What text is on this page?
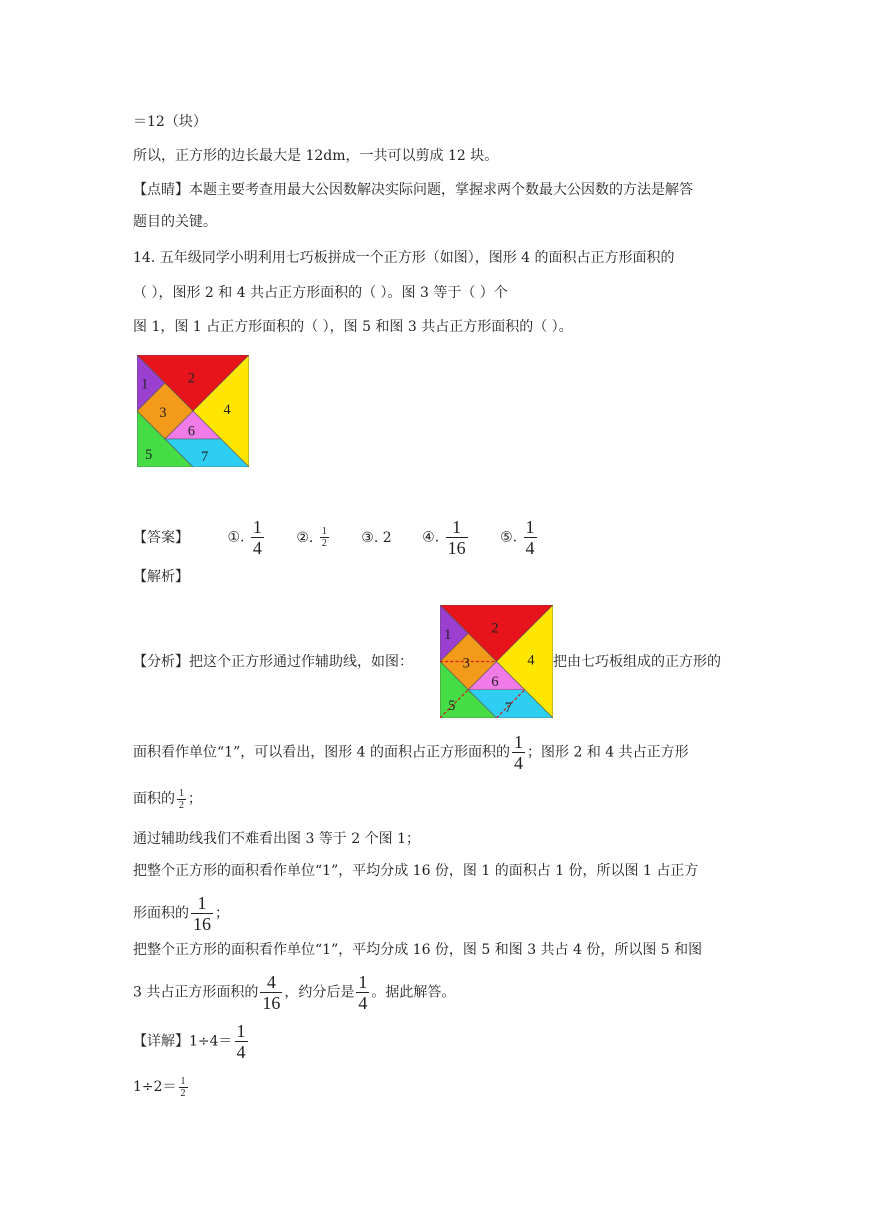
＝12（块）
所以，正方形的边长最大是 12dm，一共可以剪成 12 块。
【点睛】本题主要考查用最大公因数解决实际问题，掌握求两个数最大公因数的方法是解答
题目的关键。
14. 五年级同学小明利用七巧板拼成一个正方形（如图），图形 4 的面积占正方形面积的
（ ），图形 2 和 4 共占正方形面积的（ ）。图 3 等于（ ）个
图 1，图 1 占正方形面积的（ ），图 5 和图 3 共占正方形面积的（ ）。
1	2
3	4
5
6
7
【答案】	①. $\frac{1}{4}$ ②. $\frac{1}{2}$ ③. 2 ④. $\frac{1}{16}$ ⑤. $\frac{1}{4}$
【解析】
【分析】把这个正方形通过作辅助线，如图：
1	2
3	4
5
6
7
把由七巧板组成的正方形的
面积看作单位“1”，可以看出，图形 4 的面积占正方形面积的 $\frac{1}{4}$ ；图形 2 和 4 共占正方形
面积的 $\frac{1}{2}$ ；
通过辅助线我们不难看出图 3 等于 2 个图 1；
把整个正方形的面积看作单位“1”，平均分成 16 份，图 1 的面积占 1 份，所以图 1 占正方
形面积的 $\frac{1}{16}$ ；
把整个正方形的面积看作单位“1”，平均分成 16 份，图 5 和图 3 共占 4 份，所以图 5 和图
3 共占正方形面积的 $\frac{4}{16}$ ，约分后是 $\frac{1}{4}$ 。据此解答。
【详解】$1\div 4= \frac{1}{4}$
$1\div 2= \frac{1}{2}$
